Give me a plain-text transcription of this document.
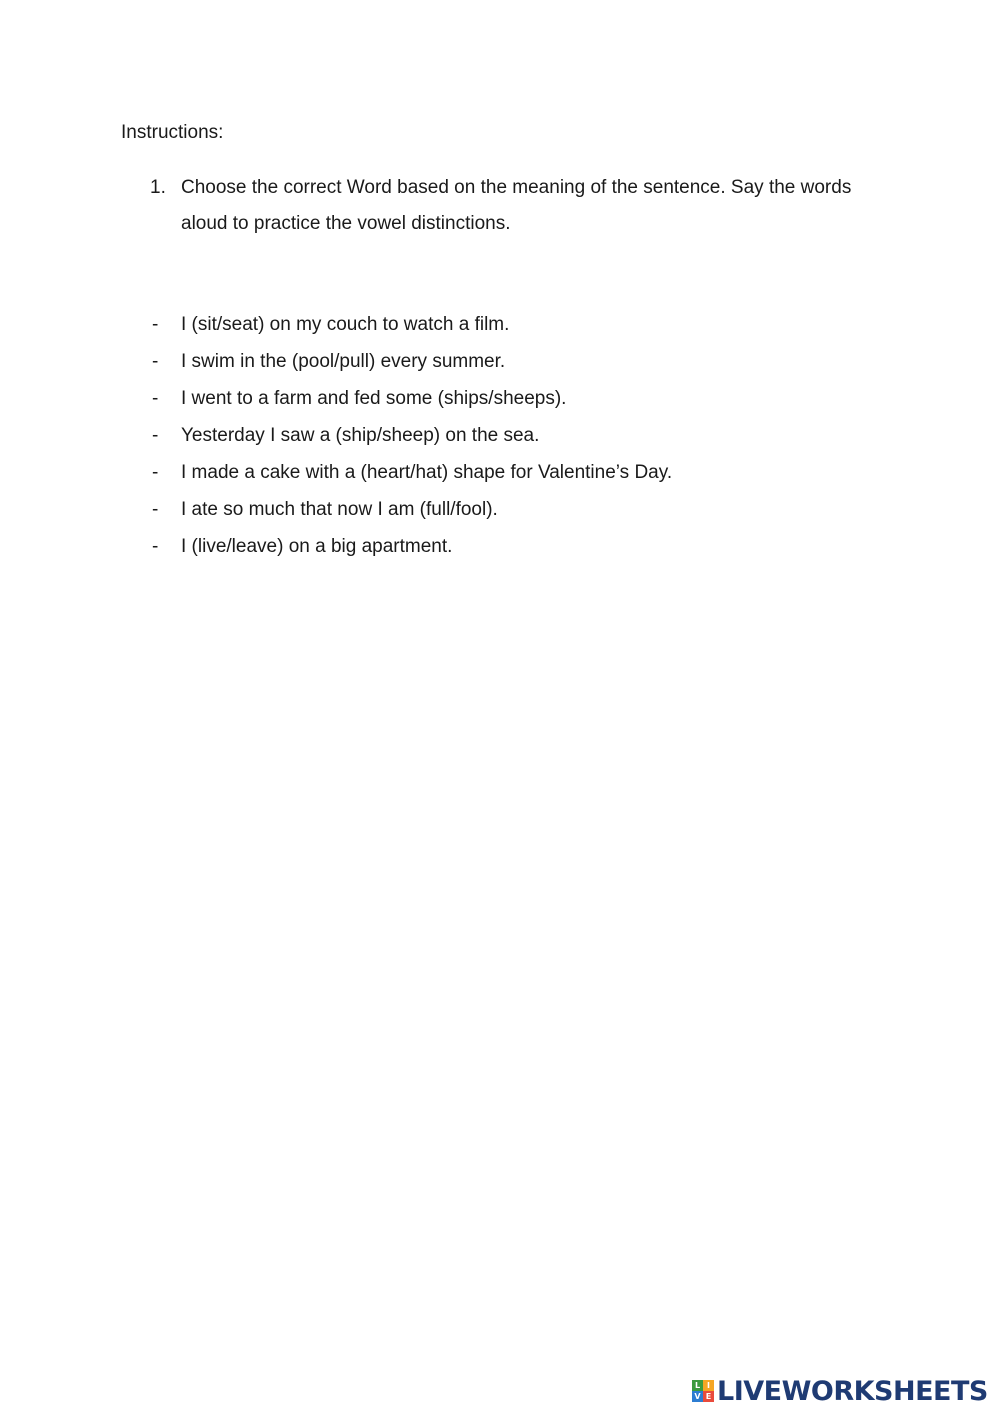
Instructions:

1. Choose the correct Word based on the meaning of the sentence. Say the words aloud to practice the vowel distinctions.
- I (sit/seat) on my couch to watch a film.
- I swim in the (pool/pull) every summer.
- I went to a farm and fed some (ships/sheeps).
- Yesterday I saw a (ship/sheep) on the sea.
- I made a cake with a (heart/hat) shape for Valentine’s Day.
- I ate so much that now I am (full/fool).
- I (live/leave) on a big apartment.
L I
V E LIVEWORKSHEETS
